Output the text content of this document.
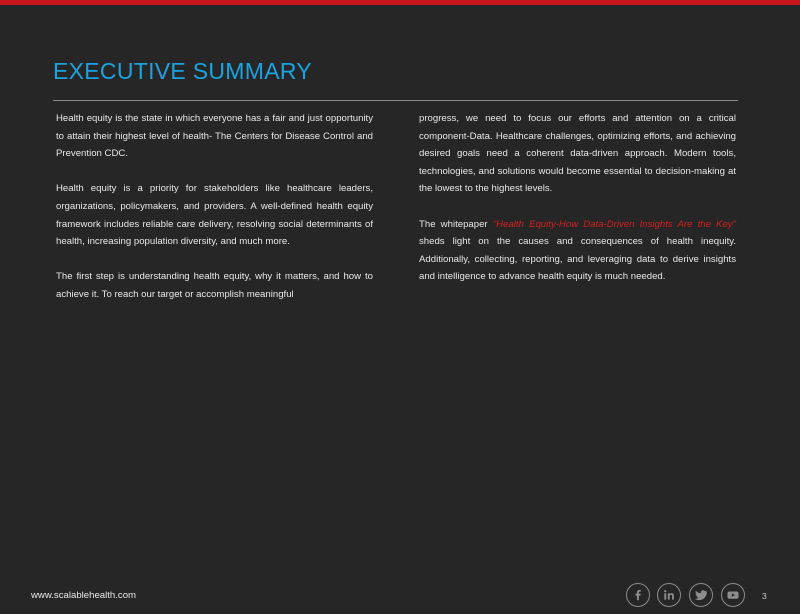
EXECUTIVE SUMMARY

Health equity is the state in which everyone has a fair and just opportunity to attain their highest level of health- The Centers for Disease Control and Prevention CDC.

Health equity is a priority for stakeholders like healthcare leaders, organizations, policymakers, and providers. A well-defined health equity framework includes reliable care delivery, resolving social determinants of health, increasing population diversity, and much more.

The first step is understanding health equity, why it matters, and how to achieve it. To reach our target or accomplish meaningful

progress, we need to focus our efforts and attention on a critical component-Data. Healthcare challenges, optimizing efforts, and achieving desired goals need a coherent data-driven approach. Modern tools, technologies, and solutions would become essential to decision-making at the lowest to the highest levels.

The whitepaper "Health Equity-How Data-Driven Insights Are the Key" sheds light on the causes and consequences of health inequity. Additionally, collecting, reporting, and leveraging data to derive insights and intelligence to advance health equity is much needed.

www.scalablehealth.com	3
